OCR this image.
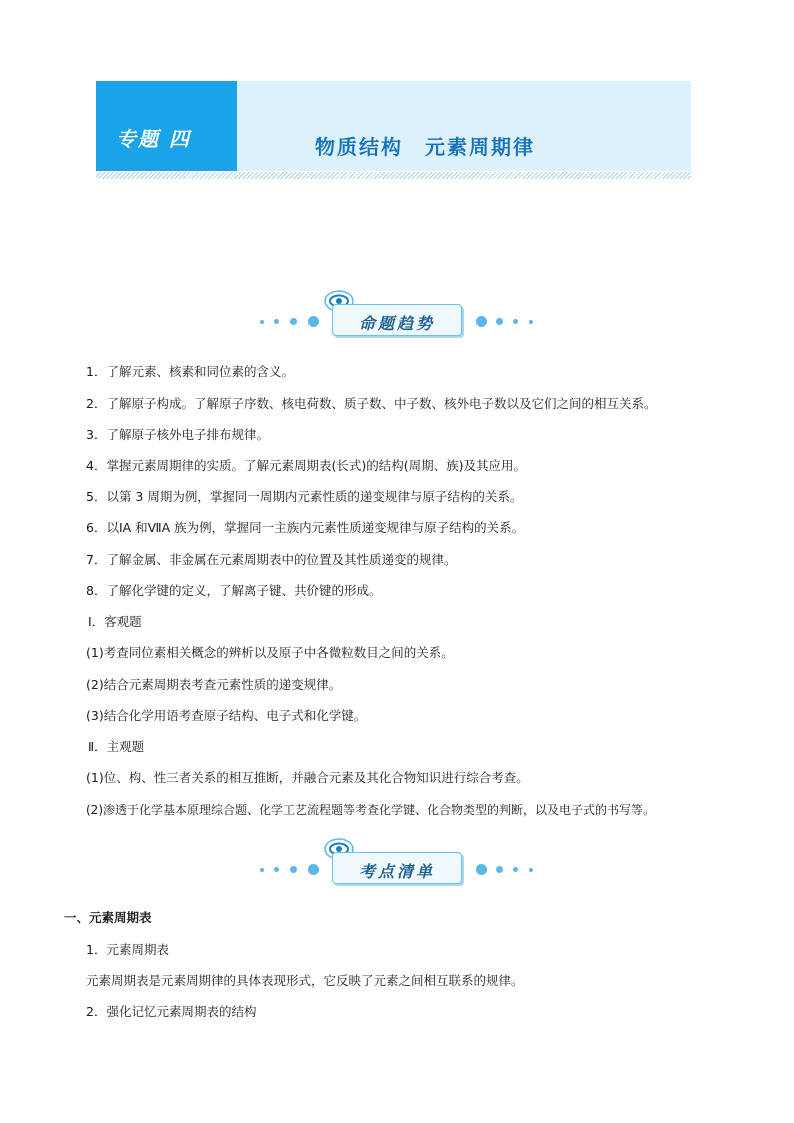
专题 四	物质结构　元素周期律
命题趋势
1．了解元素、核素和同位素的含义。
2．了解原子构成。了解原子序数、核电荷数、质子数、中子数、核外电子数以及它们之间的相互关系。
3．了解原子核外电子排布规律。
4．掌握元素周期律的实质。了解元素周期表(长式)的结构(周期、族)及其应用。
5．以第 3 周期为例，掌握同一周期内元素性质的递变规律与原子结构的关系。
6．以ⅠA 和ⅦA 族为例，掌握同一主族内元素性质递变规律与原子结构的关系。
7．了解金属、非金属在元素周期表中的位置及其性质递变的规律。
8．了解化学键的定义，了解离子键、共价键的形成。
Ⅰ．客观题
(1)考查同位素相关概念的辨析以及原子中各微粒数目之间的关系。
(2)结合元素周期表考查元素性质的递变规律。
(3)结合化学用语考查原子结构、电子式和化学键。
Ⅱ．主观题
(1)位、构、性三者关系的相互推断，并融合元素及其化合物知识进行综合考查。
(2)渗透于化学基本原理综合题、化学工艺流程题等考查化学键、化合物类型的判断，以及电子式的书写等。
考点清单
一、元素周期表
1．元素周期表
元素周期表是元素周期律的具体表现形式，它反映了元素之间相互联系的规律。
2．强化记忆元素周期表的结构
